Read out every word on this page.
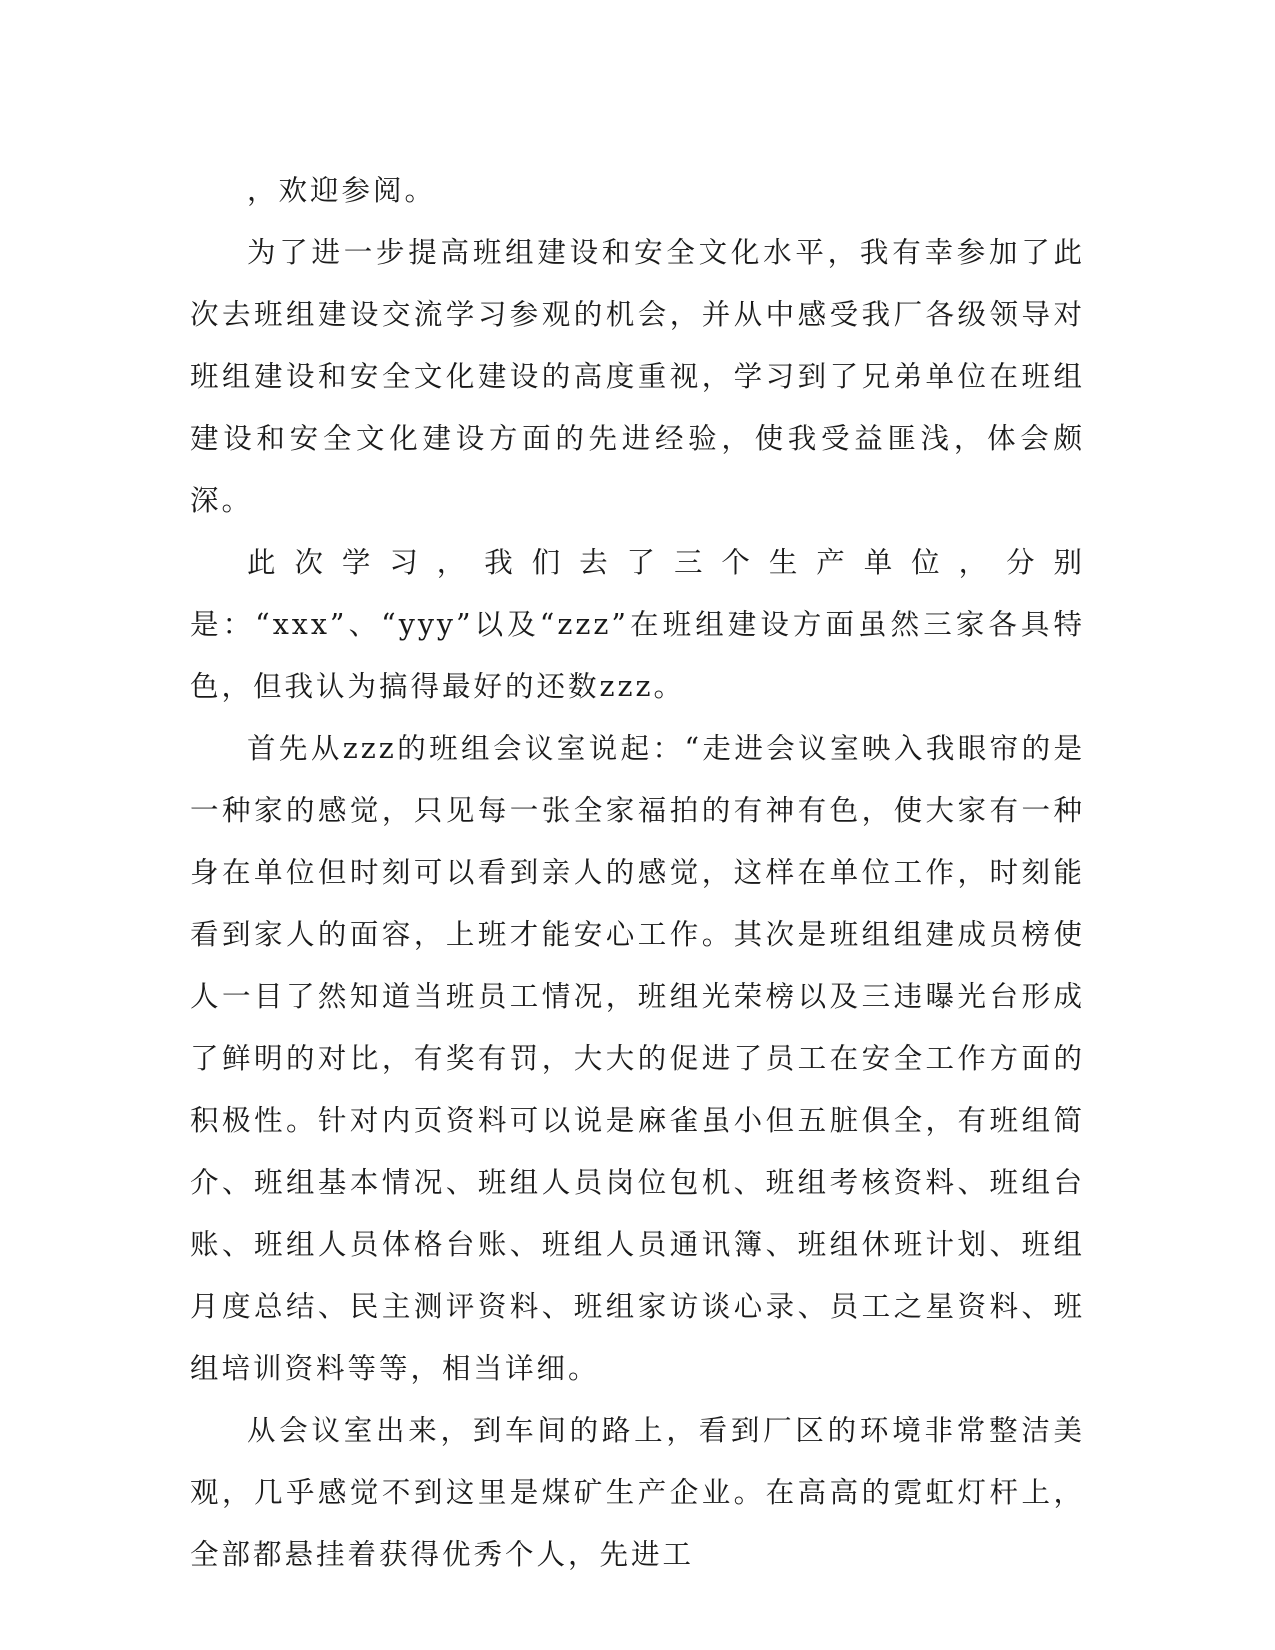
，欢迎参阅。

为了进一步提高班组建设和安全文化水平，我有幸参加了此次去班组建设交流学习参观的机会，并从中感受我厂各级领导对班组建设和安全文化建设的高度重视，学习到了兄弟单位在班组建设和安全文化建设方面的先进经验，使我受益匪浅，体会颇深。

此次学习，我们去了三个生产单位，分别是：“xxx”、“yyy”以及“zzz”在班组建设方面虽然三家各具特色，但我认为搞得最好的还数zzz。

首先从zzz的班组会议室说起：“走进会议室映入我眼帘的是一种家的感觉，只见每一张全家福拍的有神有色，使大家有一种身在单位但时刻可以看到亲人的感觉，这样在单位工作，时刻能看到家人的面容，上班才能安心工作。其次是班组组建成员榜使人一目了然知道当班员工情况，班组光荣榜以及三违曝光台形成了鲜明的对比，有奖有罚，大大的促进了员工在安全工作方面的积极性。针对内页资料可以说是麻雀虽小但五脏俱全，有班组简介、班组基本情况、班组人员岗位包机、班组考核资料、班组台账、班组人员体格台账、班组人员通讯簿、班组休班计划、班组月度总结、民主测评资料、班组家访谈心录、员工之星资料、班组培训资料等等，相当详细。

从会议室出来，到车间的路上，看到厂区的环境非常整洁美观，几乎感觉不到这里是煤矿生产企业。在高高的霓虹灯杆上，全部都悬挂着获得优秀个人，先进工
